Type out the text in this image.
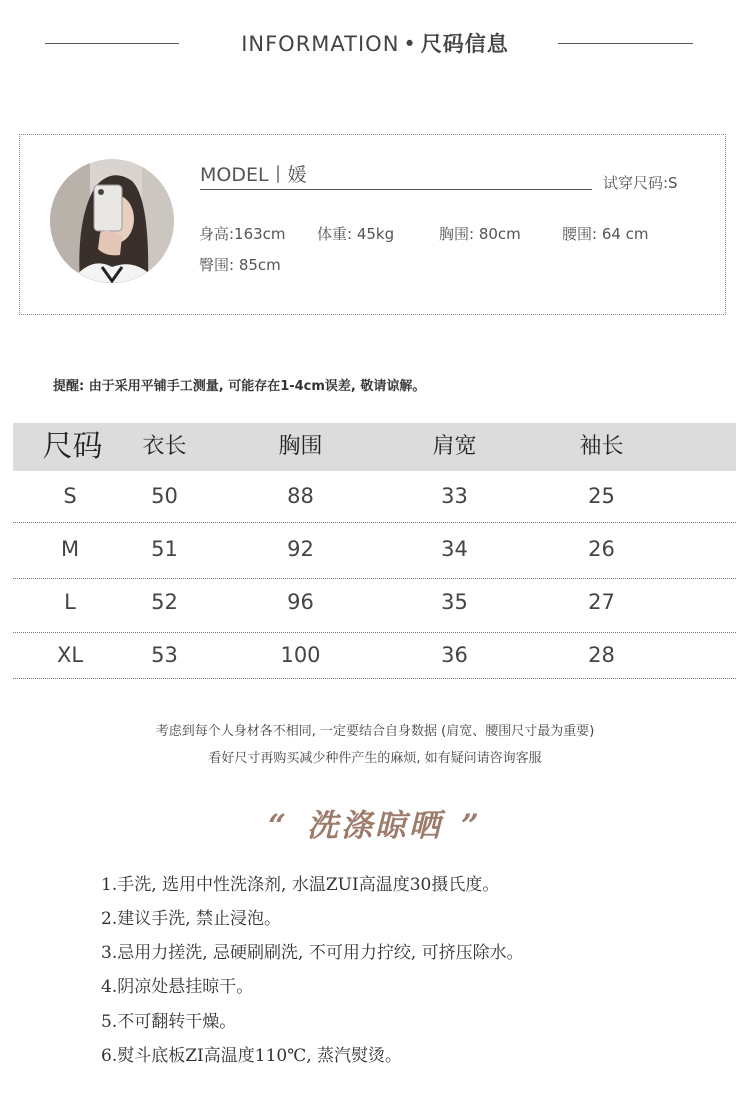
INFORMATION • 尺码信息
MODEL丨媛	试穿尺码:S
身高:163cm 体重: 45kg	胸围: 80cm	腰围: 64 cm
臀围: 85cm
提醒: 由于采用平铺手工测量, 可能存在1-4cm误差, 敬请谅解。
尺码	衣长	胸围	肩宽	袖长
S	50	88	33	25
M	51	92	34	26
L	52	96	35	27
XL	53	100	36	28
考虑到每个人身材各不相同, 一定要结合自身数据 (肩宽、腰围尺寸最为重要)
看好尺寸再购买减少种件产生的麻烦, 如有疑问请咨询客服
“ 洗涤晾晒 ”
1.手洗, 选用中性洗涤剂, 水温ZUI高温度30摄氏度。
2.建议手洗, 禁止浸泡。
3.忌用力搓洗, 忌硬刷刷洗, 不可用力拧绞, 可挤压除水。
4.阴凉处悬挂晾干。
5.不可翻转干燥。
6.熨斗底板ZI高温度110℃, 蒸汽熨烫。
